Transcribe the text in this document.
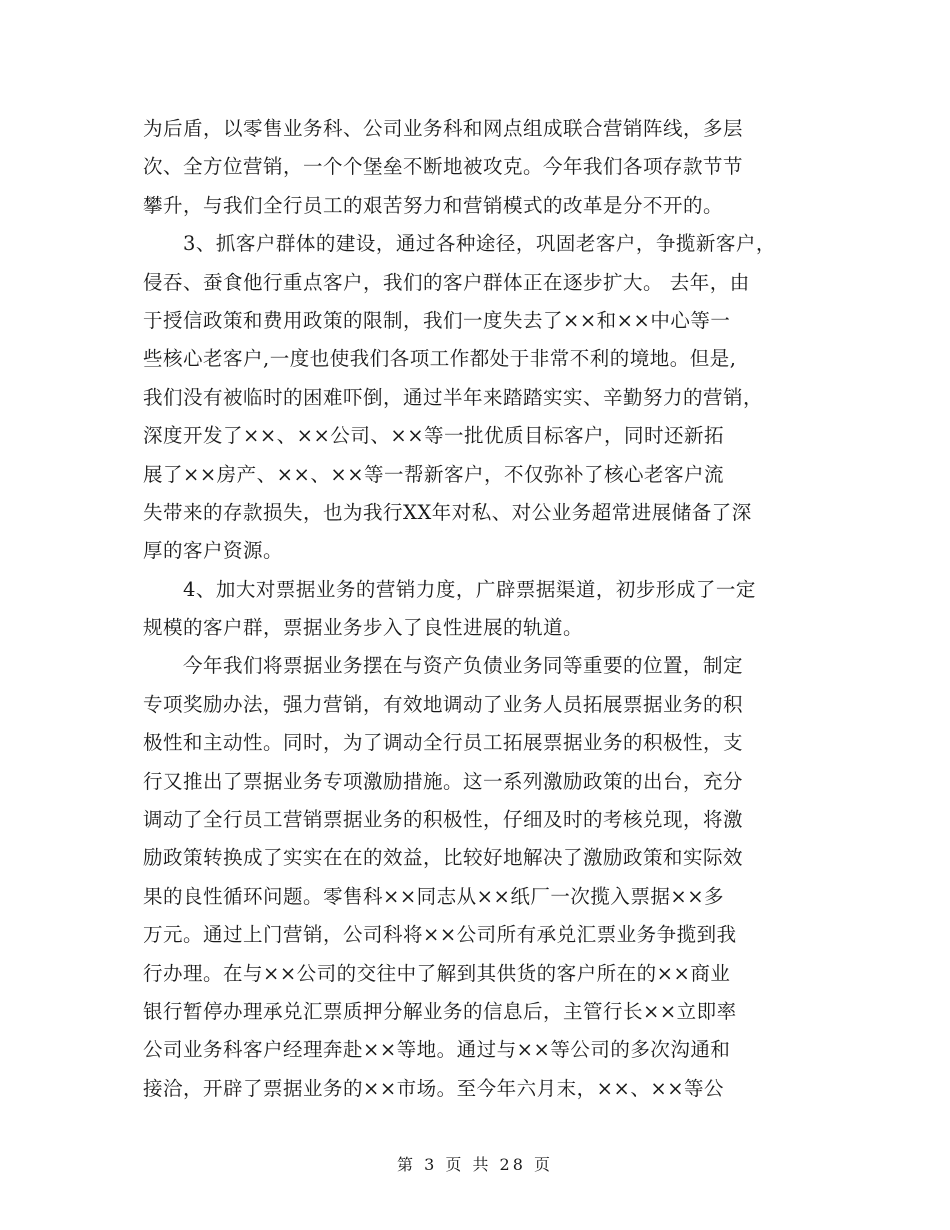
为后盾，以零售业务科、公司业务科和网点组成联合营销阵线，多层
次、全方位营销，一个个堡垒不断地被攻克。今年我们各项存款节节
攀升，与我们全行员工的艰苦努力和营销模式的改革是分不开的。
　　3、抓客户群体的建设，通过各种途径，巩固老客户，争揽新客户，
侵吞、蚕食他行重点客户，我们的客户群体正在逐步扩大。 去年，由
于授信政策和费用政策的限制，我们一度失去了××和××中心等一
些核心老客户,一度也使我们各项工作都处于非常不利的境地。但是,
我们没有被临时的困难吓倒，通过半年来踏踏实实、辛勤努力的营销，
深度开发了××、××公司、××等一批优质目标客户，同时还新拓
展了××房产、××、××等一帮新客户，不仅弥补了核心老客户流
失带来的存款损失，也为我行XX年对私、对公业务超常进展储备了深
厚的客户资源。
　　4、加大对票据业务的营销力度，广辟票据渠道，初步形成了一定
规模的客户群，票据业务步入了良性进展的轨道。
　　今年我们将票据业务摆在与资产负债业务同等重要的位置，制定
专项奖励办法，强力营销，有效地调动了业务人员拓展票据业务的积
极性和主动性。同时，为了调动全行员工拓展票据业务的积极性，支
行又推出了票据业务专项激励措施。这一系列激励政策的出台，充分
调动了全行员工营销票据业务的积极性，仔细及时的考核兑现，将激
励政策转换成了实实在在的效益，比较好地解决了激励政策和实际效
果的良性循环问题。零售科××同志从××纸厂一次揽入票据××多
万元。通过上门营销，公司科将××公司所有承兑汇票业务争揽到我
行办理。在与××公司的交往中了解到其供货的客户所在的××商业
银行暂停办理承兑汇票质押分解业务的信息后，主管行长××立即率
公司业务科客户经理奔赴××等地。通过与××等公司的多次沟通和
接洽，开辟了票据业务的××市场。至今年六月末，××、××等公
第 3 页 共 28 页
